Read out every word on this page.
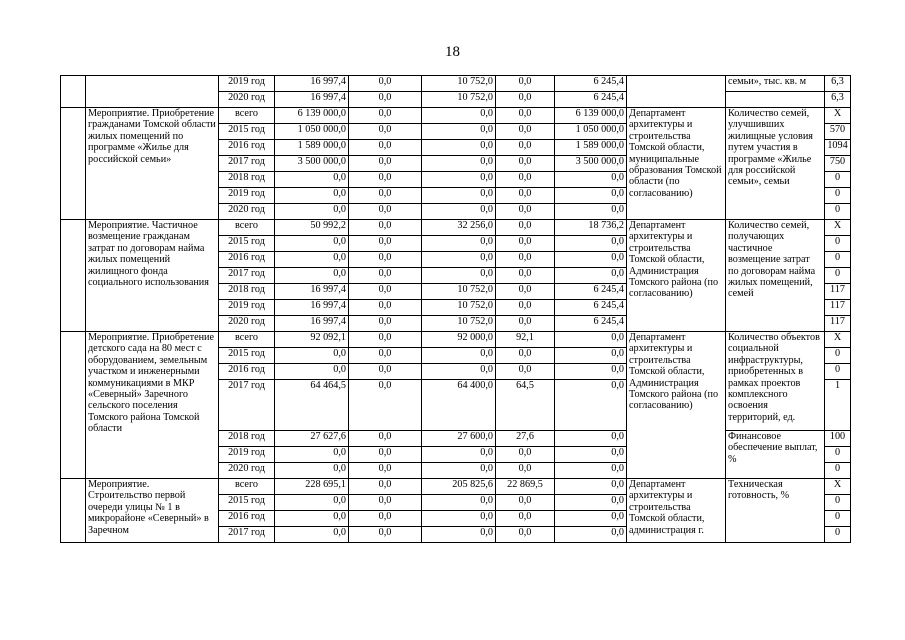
18
		2019 год	16 997,4	0,0	10 752,0	0,0	6 245,4		семьи», тыс. кв. м	6,3
		2020 год	16 997,4	0,0	10 752,0	0,0	6 245,4			6,3
	Мероприятие. Приобретение гражданами Томской области жилых помещений по программе «Жилье для российской семьи»	всего	6 139 000,0	0,0	0,0	0,0	6 139 000,0	Департамент архитектуры и строительства Томской области, муниципальные образования Томской области (по согласованию)	Количество семей, улучшивших жилищные условия путем участия в программе «Жилье для российской семьи», семьи	Х
		2015 год	1 050 000,0	0,0	0,0	0,0	1 050 000,0			570
		2016 год	1 589 000,0	0,0	0,0	0,0	1 589 000,0			1094
		2017 год	3 500 000,0	0,0	0,0	0,0	3 500 000,0			750
		2018 год	0,0	0,0	0,0	0,0	0,0			0
		2019 год	0,0	0,0	0,0	0,0	0,0			0
		2020 год	0,0	0,0	0,0	0,0	0,0			0
	Мероприятие. Частичное возмещение гражданам затрат по договорам найма жилых помещений жилищного фонда социального использования	всего	50 992,2	0,0	32 256,0	0,0	18 736,2	Департамент архитектуры и строительства Томской области, Администрация Томского района (по согласованию)	Количество семей, получающих частичное возмещение затрат по договорам найма жилых помещений, семей	Х
		2015 год	0,0	0,0	0,0	0,0	0,0			0
		2016 год	0,0	0,0	0,0	0,0	0,0			0
		2017 год	0,0	0,0	0,0	0,0	0,0			0
		2018 год	16 997,4	0,0	10 752,0	0,0	6 245,4			117
		2019 год	16 997,4	0,0	10 752,0	0,0	6 245,4			117
		2020 год	16 997,4	0,0	10 752,0	0,0	6 245,4			117
	Мероприятие. Приобретение детского сада на 80 мест с оборудованием, земельным участком и инженерными коммуникациями в МКР «Северный» Заречного сельского поселения Томского района Томской области	всего	92 092,1	0,0	92 000,0	92,1	0,0	Департамент архитектуры и строительства Томской области, Администрация Томского района (по согласованию)	Количество объектов социальной инфраструктуры, приобретенных в рамках проектов комплексного освоения территорий, ед.	Х
		2015 год	0,0	0,0	0,0	0,0	0,0			0
		2016 год	0,0	0,0	0,0	0,0	0,0			0
		2017 год	64 464,5	0,0	64 400,0	64,5	0,0			1
		2018 год	27 627,6	0,0	27 600,0	27,6	0,0		Финансовое обеспечение выплат, %	100
		2019 год	0,0	0,0	0,0	0,0	0,0			0
		2020 год	0,0	0,0	0,0	0,0	0,0			0
	Мероприятие. Строительство первой очереди улицы № 1 в микрорайоне «Северный» в Заречном	всего	228 695,1	0,0	205 825,6	22 869,5	0,0	Департамент архитектуры и строительства Томской области, администрация г.	Техническая готовность, %	Х
		2015 год	0,0	0,0	0,0	0,0	0,0			0
		2016 год	0,0	0,0	0,0	0,0	0,0			0
		2017 год	0,0	0,0	0,0	0,0	0,0			0
